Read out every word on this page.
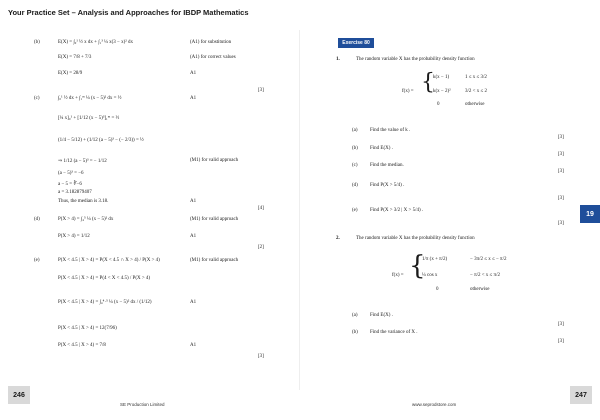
Your Practice Set – Analysis and Approaches for IBDP Mathematics
(b)	E(X) = ∫₀¹ ½ x dx + ∫₁³ ¼ x(3 − x)² dx	(A1) for substitution
E(X) = 7/8 + 7/3	(A1) for correct values
E(X) = 28/9	A1
[3]
(c)	∫₀¹ ½ dx + ∫₁ᵐ ¼ (x − 5)² dx = ½	A1
[¼ x]₀¹ + [1/12 (x − 5)³]₁ᵐ = ½
(1/4 − 5/12) + (1/12 (a − 5)³ − (− 2/3)) = ½
⇒ 1/12 (a − 5)³ = − 1/12	(M1) for valid approach
(a − 5)³ = −6
a − 5 = ∛−6
a = 3.182879407
Thus, the median is 3.18.	A1
[4]
(d)	P(X > 4) = ∫₄⁵ ¼ (x − 5)² dx	(M1) for valid approach
P(X > 4) = 1/12	A1
[2]
(e)	P(X < 4.5 | X > 4) = P(X < 4.5 ∩ X > 4) / P(X > 4)	(M1) for valid approach
P(X < 4.5 | X > 4) = P(4 < X < 4.5) / P(X > 4)
P(X < 4.5 | X > 4) = ∫₄⁴·⁵ ¼ (x − 5)² dx / (1/12)	A1
P(X < 4.5 | X > 4) = 12(7/96)
P(X < 4.5 | X > 4) = 7/8	A1
[3]
246
SE Production Limited
Exercise 80
1.	The random variable X has the probability density function
f(x) = {
k(x − 1)	1 ≤ x ≤ 3/2
k(x − 2)²	3/2 < x ≤ 2
0	otherwise
(a) Find the value of k .
[3]
(b) Find E(X) .
[3]
(c) Find the median.
[3]
(d) Find P(X > 5/4) .
[3]
(e) Find P(X > 3/2 | X > 5/4) .
[3]
19
2.	The random variable X has the probability density function
f(x) = {
1/π (x + π/2)	− 3π/2 ≤ x ≤ − π/2
¼ cos x	− π/2 < x ≤ π/2
0	otherwise
(a) Find E(X) .
[3]
(b) Find the variance of X .
[3]
247
www.seprodstore.com
